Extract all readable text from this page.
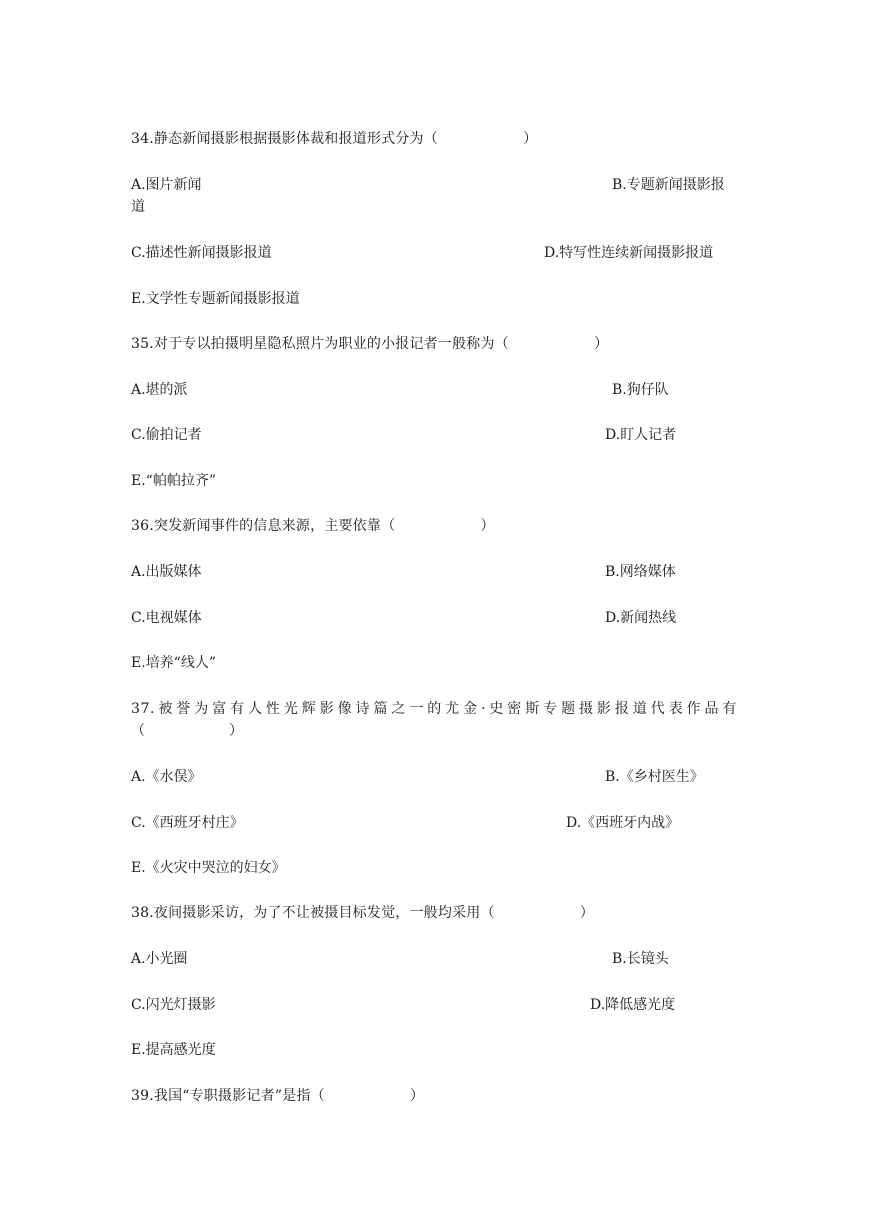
34.静态新闻摄影根据摄影体裁和报道形式分为（　　　　　　）
A.图片新闻	B.专题新闻摄影报
道
C.描述性新闻摄影报道	D.特写性连续新闻摄影报道
E.文学性专题新闻摄影报道
35.对于专以拍摄明星隐私照片为职业的小报记者一般称为（　　　　　　）
A.堪的派	B.狗仔队
C.偷拍记者	D.盯人记者
E.“帕帕拉齐”
36.突发新闻事件的信息来源，主要依靠（　　　　　　）
A.出版媒体	B.网络媒体
C.电视媒体	D.新闻热线
E.培养“线人”
37.被誉为富有人性光辉影像诗篇之一的尤金·史密斯专题摄影报道代表作品有
（　　　　　　）
A.《水俣》	B.《乡村医生》
C.《西班牙村庄》	D.《西班牙内战》
E.《火灾中哭泣的妇女》
38.夜间摄影采访，为了不让被摄目标发觉，一般均采用（　　　　　　）
A.小光圈	B.长镜头
C.闪光灯摄影	D.降低感光度
E.提高感光度
39.我国“专职摄影记者”是指（　　　　　　）
